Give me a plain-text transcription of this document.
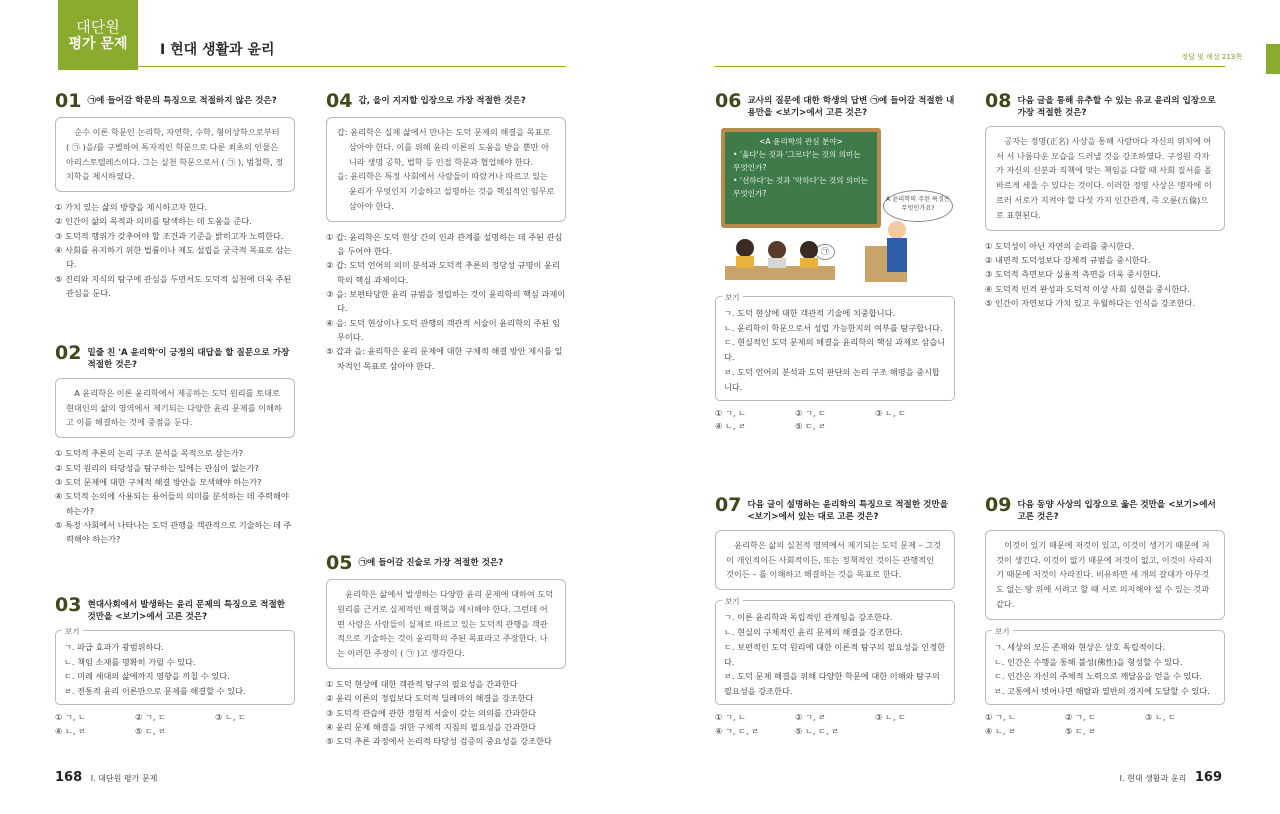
대단원
평가 문제	Ⅰ 현대 생활과 윤리	정답 및 해설 213쪽
01 ㉠에 들어갈 학문의 특징으로 적절하지 않은 것은?

순수 이론 학문인 논리학, 자연학, 수학, 형이상학으로부터 ( ㉠ )을/를 구별하여 독자적인 학문으로 다룬 최초의 인물은 아리스토텔레스이다. 그는 실천 학문으로서 ( ㉠ ), 범철학, 정치학을 제시하였다.

① 가치 있는 삶의 방향을 제시하고자 한다.
② 인간이 삶의 목적과 의미를 탐색하는 데 도움을 준다.
③ 도덕적 행위가 갖추어야 할 조건과 기준을 밝히고자 노력한다.
④ 사회를 유지하기 위한 법률이나 제도 설립을 궁극적 목표로 삼는다.
⑤ 진리와 지식의 탐구에 관심을 두면서도 도덕적 실천에 더욱 주된 관심을 둔다.
02 밑줄 친 'A 윤리학'이 긍정의 대답을 할 질문으로 가장 적절한 것은?

A 윤리학은 이론 윤리학에서 제공하는 도덕 원리를 토대로 현대인의 삶의 영역에서 제기되는 다양한 윤리 문제를 이해하고 이를 해결하는 것에 중점을 둔다.

① 도덕적 추론의 논리 구조 분석을 목적으로 삼는가?
② 도덕 원리의 타당성을 탐구하는 일에는 관심이 없는가?
③ 도덕 문제에 대한 구체적 해결 방안을 모색해야 하는가?
④ 도덕적 논의에 사용되는 용어들의 의미를 분석하는 데 주력해야 하는가?
⑤ 특정 사회에서 나타나는 도덕 관행을 객관적으로 기술하는 데 주력해야 하는가?
03 현대사회에서 발생하는 윤리 문제의 특징으로 적절한 것만을 <보기>에서 고른 것은?
보기
ㄱ. 파급 효과가 광범위하다.
ㄴ. 책임 소재를 명확히 가릴 수 있다.
ㄷ. 미래 세대의 삶에까지 영향을 끼칠 수 있다.
ㄹ. 전통적 윤리 이론만으로 문제를 해결할 수 있다.
① ㄱ, ㄴ	② ㄱ, ㄷ	③ ㄴ, ㄷ
④ ㄴ, ㄹ	⑤ ㄷ, ㄹ
04 갑, 을이 지지할 입장으로 가장 적절한 것은?
갑: 윤리학은 실제 삶에서 만나는 도덕 문제의 해결을 목표로 삼아야 한다. 이를 위해 윤리 이론의 도움을 받을 뿐만 아니라 생명 공학, 법학 등 인접 학문과 협업해야 한다.
을: 윤리학은 특정 사회에서 사람들이 따랐거나 따르고 있는 윤리가 무엇인지 기술하고 설명하는 것을 핵심적인 임무로 삼아야 한다.
① 갑: 윤리학은 도덕 현상 간의 인과 관계를 설명하는 데 주된 관심을 두어야 한다.
② 갑: 도덕 언어의 의미 분석과 도덕적 추론의 정당성 규명이 윤리학의 핵심 과제이다.
③ 을: 보편타당한 윤리 규범을 정립하는 것이 윤리학의 핵심 과제이다.
④ 을: 도덕 현상이나 도덕 관행의 객관적 서술이 윤리학의 주된 임무이다.
⑤ 갑과 을: 윤리학은 윤리 문제에 대한 구체적 해결 방안 제시를 일차적인 목표로 삼아야 한다.
05 ㉠에 들어갈 진술로 가장 적절한 것은?

윤리학은 삶에서 발생하는 다양한 윤리 문제에 대하여 도덕 원리를 근거로 실제적인 해결책을 제시해야 한다. 그런데 어떤 사람은 사람들이 실제로 따르고 있는 도덕적 관행을 객관적으로 기술하는 것이 윤리학의 주된 목표라고 주장한다. 나는 이러한 주장이 ( ㉠ )고 생각한다.

① 도덕 현상에 대한 객관적 탐구의 필요성을 간과한다
② 윤리 이론의 정립보다 도덕적 딜레마의 해결을 강조한다
③ 도덕적 관습에 관한 경험적 서술이 갖는 의의를 간과한다
④ 윤리 문제 해결을 위한 구체적 지침의 필요성을 간과한다
⑤ 도덕 추론 과정에서 논리적 타당성 검증의 중요성을 강조한다
06 교사의 질문에 대한 학생의 답변 ㉠에 들어갈 적절한 내용만을 <보기>에서 고른 것은?
<A 윤리학의 관심 분야>
• '옳다'는 것과 '그르다'는 것의 의미는 무엇인가?
• '선하다'는 것과 '악하다'는 것의 의미는 무엇인가?
A 윤리학의 주된 특징은 무엇인가요?
㉠
보기
ㄱ. 도덕 현상에 대한 객관적 기술에 치중합니다.
ㄴ. 윤리학이 학문으로서 성립 가능한지의 여부를 탐구합니다.
ㄷ. 현실적인 도덕 문제의 해결을 윤리학의 핵심 과제로 삼습니다.
ㄹ. 도덕 언어의 분석과 도덕 판단의 논리 구조 해명을 중시합니다.
① ㄱ, ㄴ	② ㄱ, ㄷ	③ ㄴ, ㄷ
④ ㄴ, ㄹ	⑤ ㄷ, ㄹ
07 다음 글이 설명하는 윤리학의 특징으로 적절한 것만을 <보기>에서 있는 대로 고른 것은?

윤리학은 삶의 실천적 영역에서 제기되는 도덕 문제 – 그것이 개인적이든 사회적이든, 또는 정책적인 것이든 관행적인 것이든 – 를 이해하고 해결하는 것을 목표로 한다.

보기
ㄱ. 이론 윤리학과 독립적인 관계임을 강조한다.
ㄴ. 현실의 구체적인 윤리 문제의 해결을 강조한다.
ㄷ. 보편적인 도덕 원리에 대한 이론적 탐구의 필요성을 인정한다.
ㄹ. 도덕 문제 해결을 위해 다양한 학문에 대한 이해와 탐구의 필요성을 강조한다.
① ㄱ, ㄴ	② ㄱ, ㄹ	③ ㄴ, ㄷ
④ ㄱ, ㄷ, ㄹ	⑤ ㄴ, ㄷ, ㄹ
08 다음 글을 통해 유추할 수 있는 유교 윤리의 입장으로 가장 적절한 것은?

공자는 정명(正名) 사상을 통해 사람마다 자신의 위치에 어서 서 나름다운 모습을 드러낼 것을 강조하였다. 구성원 각자가 자신의 신분과 직책에 맞는 책임을 다할 때 사회 질서를 올바르게 세울 수 있다는 것이다. 이러한 정명 사상은 맹자에 이르러 서로가 지켜야 할 다섯 가지 인간관계, 즉 오륜(五倫)으로 표현된다.

① 도덕성이 아닌 자연의 순리를 중시한다.
② 내면적 도덕성보다 강제적 규범을 중시한다.
③ 도덕적 측면보다 실용적 측면을 더욱 중시한다.
④ 도덕적 인격 완성과 도덕적 이상 사회 실현을 중시한다.
⑤ 인간이 자연보다 가치 있고 우월하다는 인식을 강조한다.
09 다음 동양 사상의 입장으로 옳은 것만을 <보기>에서 고른 것은?

이것이 있기 때문에 저것이 있고, 이것이 생기기 때문에 저것이 생긴다. 이것이 없기 때문에 저것이 없고, 이것이 사라지기 때문에 저것이 사라진다. 비유하면 세 개의 갈대가 아무것도 없는 땅 위에 서려고 할 때 서로 의지해야 설 수 있는 것과 같다.

보기
ㄱ. 세상의 모든 존재와 현상은 상호 독립적이다.
ㄴ. 인간은 수행을 통해 불성(佛性)을 형성할 수 있다.
ㄷ. 인간은 자신의 주체적 노력으로 깨달음을 얻을 수 있다.
ㄹ. 고통에서 벗어나면 해탈과 열반의 경지에 도달할 수 있다.
① ㄱ, ㄴ	② ㄱ, ㄷ	③ ㄴ, ㄷ
④ ㄴ, ㄹ	⑤ ㄷ, ㄹ
168 Ⅰ. 대단원 평가 문제	Ⅰ. 현대 생활과 윤리 169
